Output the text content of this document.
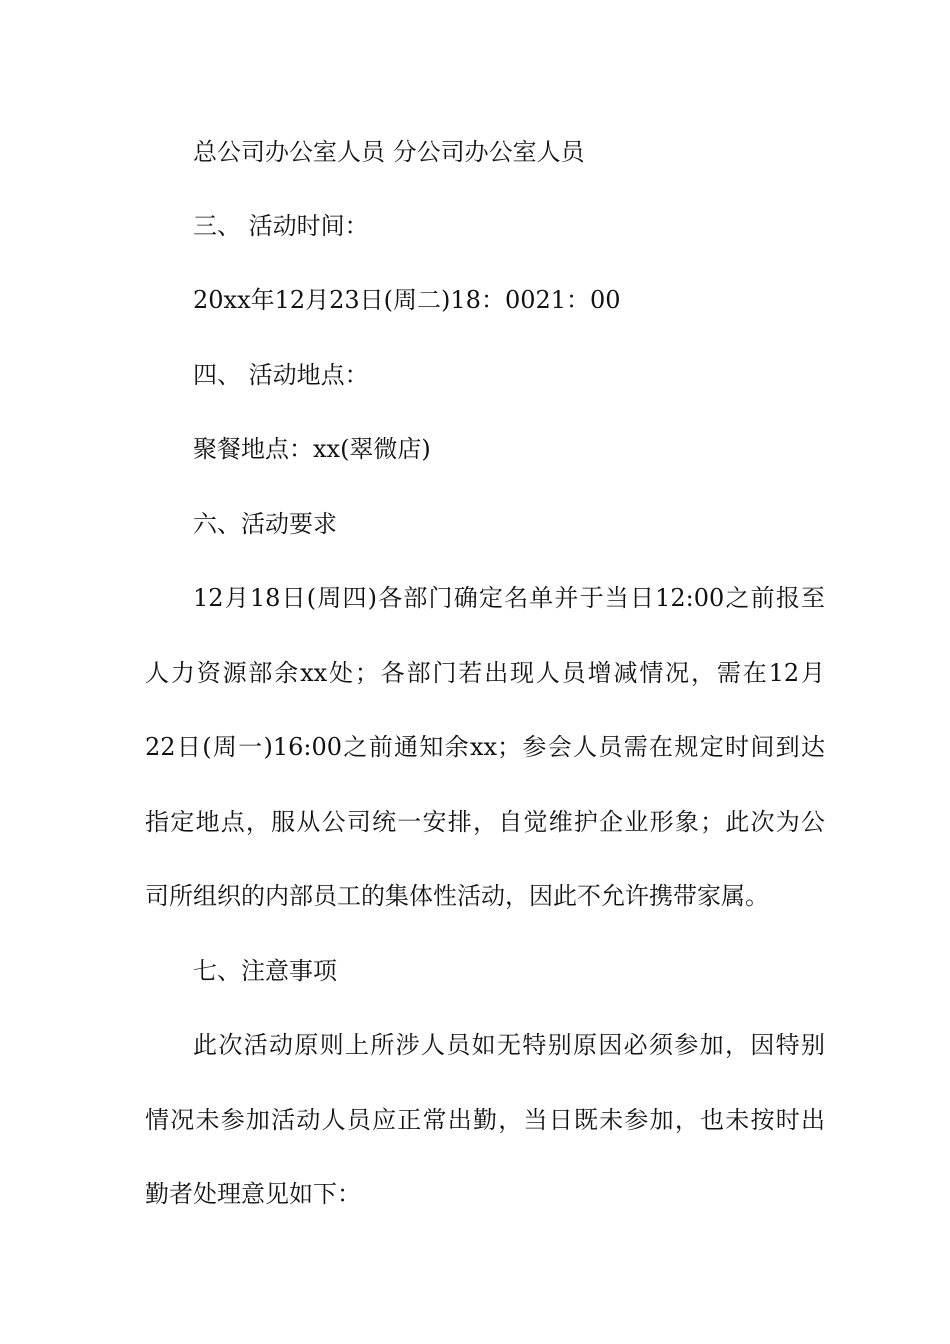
总公司办公室人员 分公司办公室人员

三、 活动时间：

20xx年12月23日(周二)18：0021：00

四、 活动地点：

聚餐地点：xx(翠微店)

六、活动要求

12月18日(周四)各部门确定名单并于当日12:00之前报至

人力资源部余xx处；各部门若出现人员增减情况，需在12月

22日(周一)16:00之前通知余xx；参会人员需在规定时间到达

指定地点，服从公司统一安排，自觉维护企业形象；此次为公

司所组织的内部员工的集体性活动，因此不允许携带家属。

七、注意事项

此次活动原则上所涉人员如无特别原因必须参加，因特别

情况未参加活动人员应正常出勤，当日既未参加，也未按时出

勤者处理意见如下：
